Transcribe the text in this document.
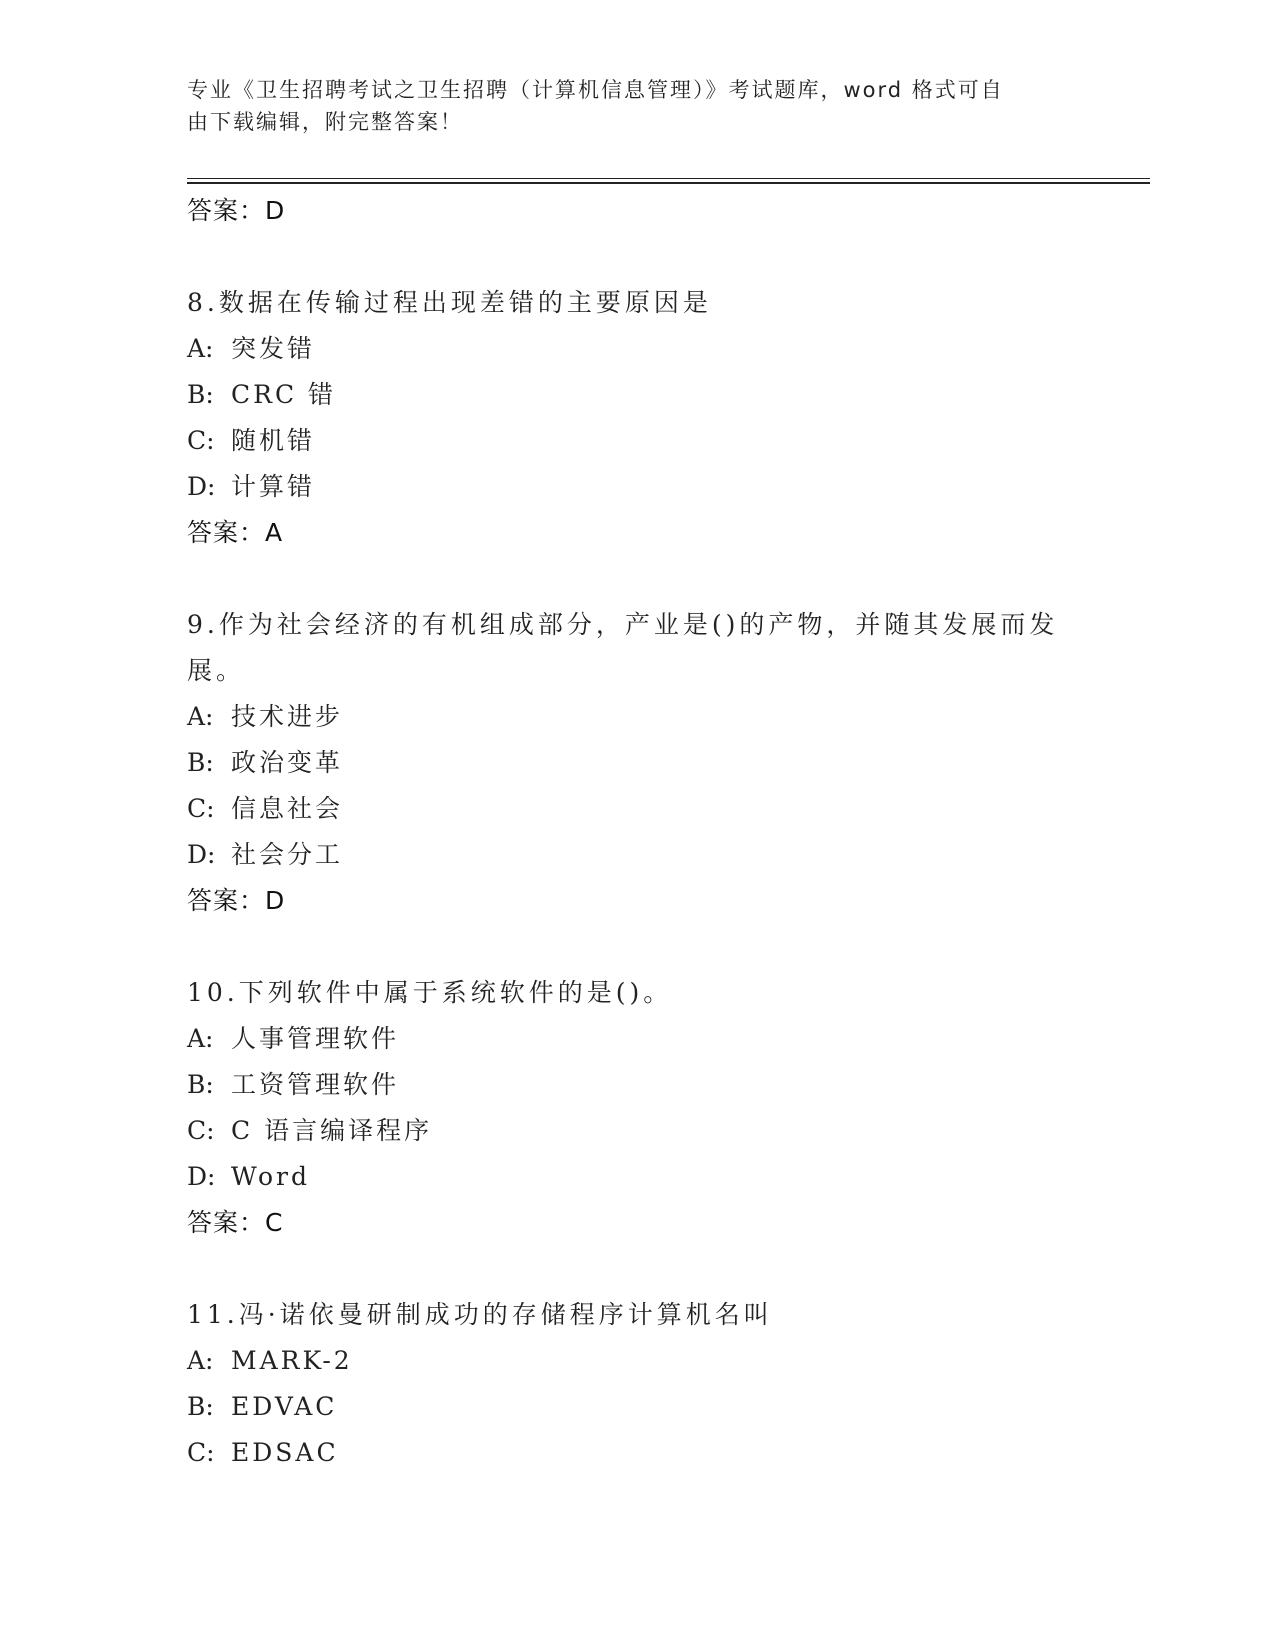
专业《卫生招聘考试之卫生招聘（计算机信息管理）》考试题库，word 格式可自
由下载编辑，附完整答案！
答案：D
8.数据在传输过程出现差错的主要原因是
A: 突发错
B: CRC 错
C: 随机错
D: 计算错
答案：A
9.作为社会经济的有机组成部分，产业是()的产物，并随其发展而发展。
A: 技术进步
B: 政治变革
C: 信息社会
D: 社会分工
答案：D
10.下列软件中属于系统软件的是()。
A: 人事管理软件
B: 工资管理软件
C: C 语言编译程序
D: Word
答案：C
11.冯·诺依曼研制成功的存储程序计算机名叫
A: MARK-2
B: EDVAC
C: EDSAC
